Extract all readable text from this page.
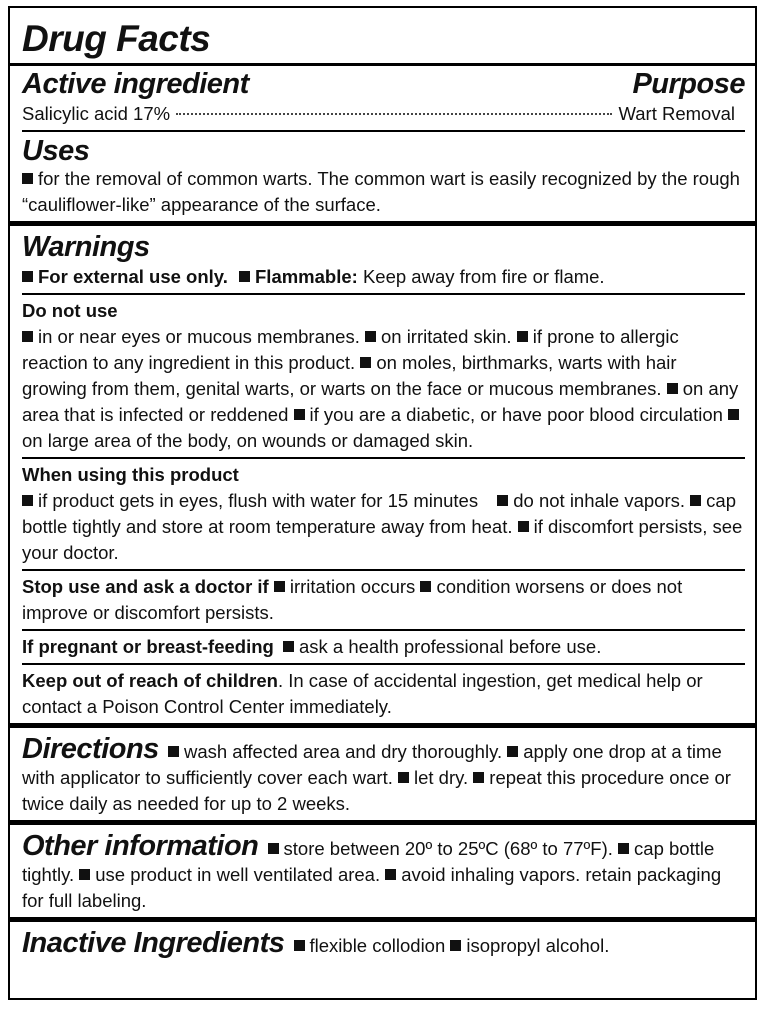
Drug Facts
Active ingredient	Purpose
Salicylic acid 17%	Wart Removal
Uses
for the removal of common warts. The common wart is easily recognized by the rough “cauliflower-like” appearance of the surface.
Warnings
For external use only. Flammable: Keep away from fire or flame.
Do not use
in or near eyes or mucous membranes. on irritated skin. if prone to allergic reaction to any ingredient in this product. on moles, birthmarks, warts with hair growing from them, genital warts, or warts on the face or mucous membranes. on any area that is infected or reddened if you are a diabetic, or have poor blood circulation on large area of the body, on wounds or damaged skin.
When using this product
if product gets in eyes, flush with water for 15 minutes do not inhale vapors. cap bottle tightly and store at room temperature away from heat. if discomfort persists, see your doctor.
Stop use and ask a doctor if irritation occurs condition worsens or does not improve or discomfort persists.
If pregnant or breast-feeding ask a health professional before use.
Keep out of reach of children. In case of accidental ingestion, get medical help or contact a Poison Control Center immediately.
Directions wash affected area and dry thoroughly. apply one drop at a time with applicator to sufficiently cover each wart. let dry. repeat this procedure once or twice daily as needed for up to 2 weeks.
Other information store between 20º to 25ºC (68º to 77ºF). cap bottle tightly. use product in well ventilated area. avoid inhaling vapors. retain packaging for full labeling.
Inactive Ingredients flexible collodion isopropyl alcohol.
